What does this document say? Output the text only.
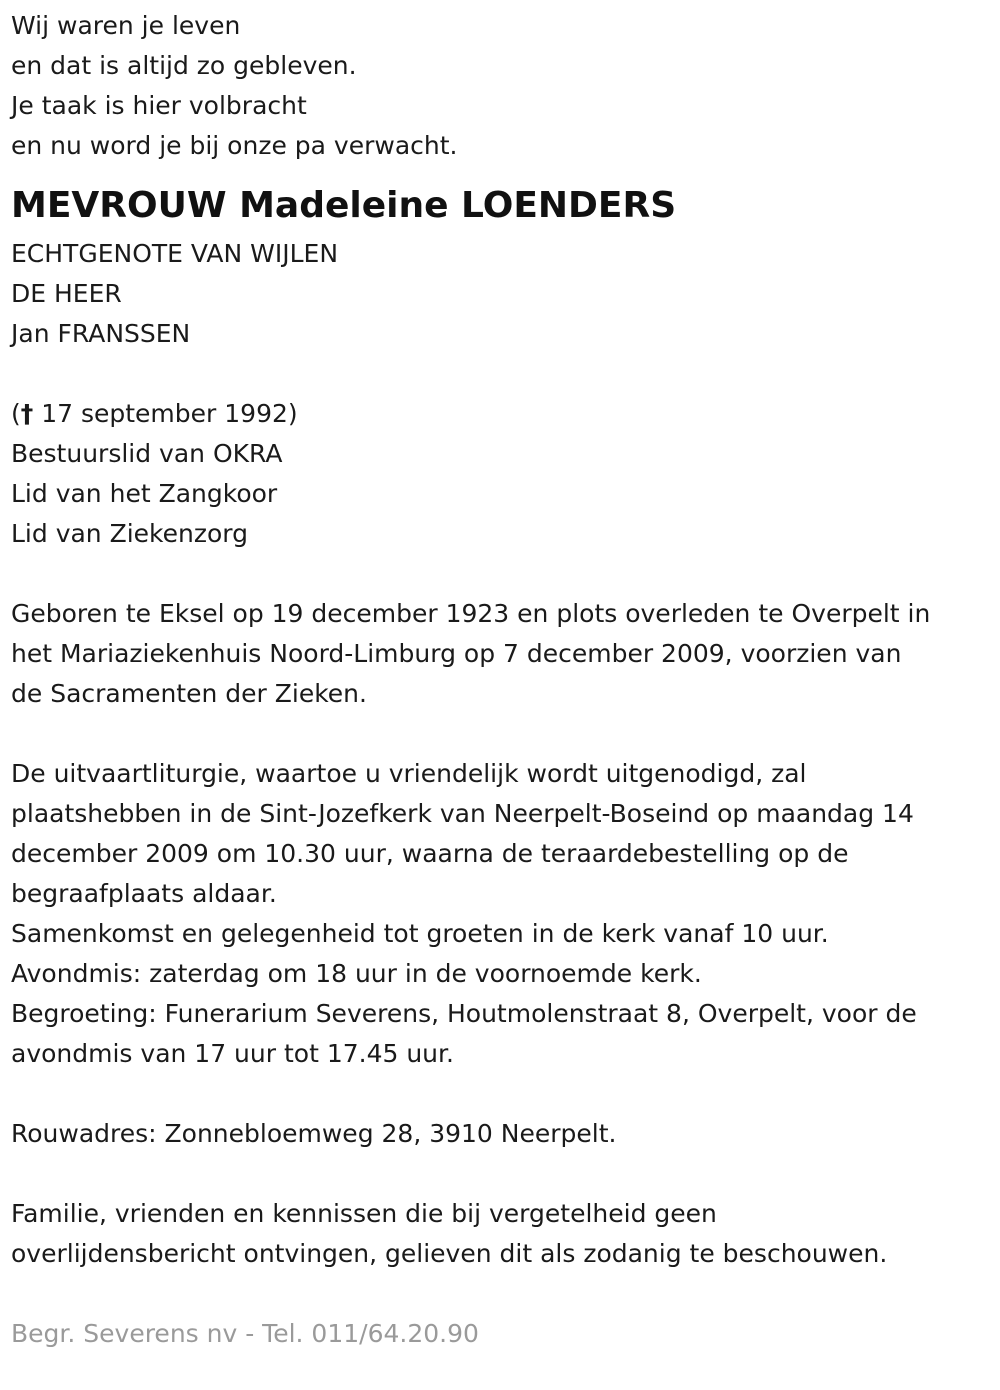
Wij waren je leven
en dat is altijd zo gebleven.
Je taak is hier volbracht
en nu word je bij onze pa verwacht.
MEVROUW Madeleine LOENDERS
ECHTGENOTE VAN WIJLEN
DE HEER
Jan FRANSSEN
(† 17 september 1992)
Bestuurslid van OKRA
Lid van het Zangkoor
Lid van Ziekenzorg
Geboren te Eksel op 19 december 1923 en plots overleden te Overpelt in
het Mariaziekenhuis Noord-Limburg op 7 december 2009, voorzien van
de Sacramenten der Zieken.
De uitvaartliturgie, waartoe u vriendelijk wordt uitgenodigd, zal
plaatshebben in de Sint-Jozefkerk van Neerpelt-Boseind op maandag 14
december 2009 om 10.30 uur, waarna de teraardebestelling op de
begraafplaats aldaar.
Samenkomst en gelegenheid tot groeten in de kerk vanaf 10 uur.
Avondmis: zaterdag om 18 uur in de voornoemde kerk.
Begroeting: Funerarium Severens, Houtmolenstraat 8, Overpelt, voor de
avondmis van 17 uur tot 17.45 uur.
Rouwadres: Zonnebloemweg 28, 3910 Neerpelt.
Familie, vrienden en kennissen die bij vergetelheid geen
overlijdensbericht ontvingen, gelieven dit als zodanig te beschouwen.
Begr. Severens nv - Tel. 011/64.20.90
